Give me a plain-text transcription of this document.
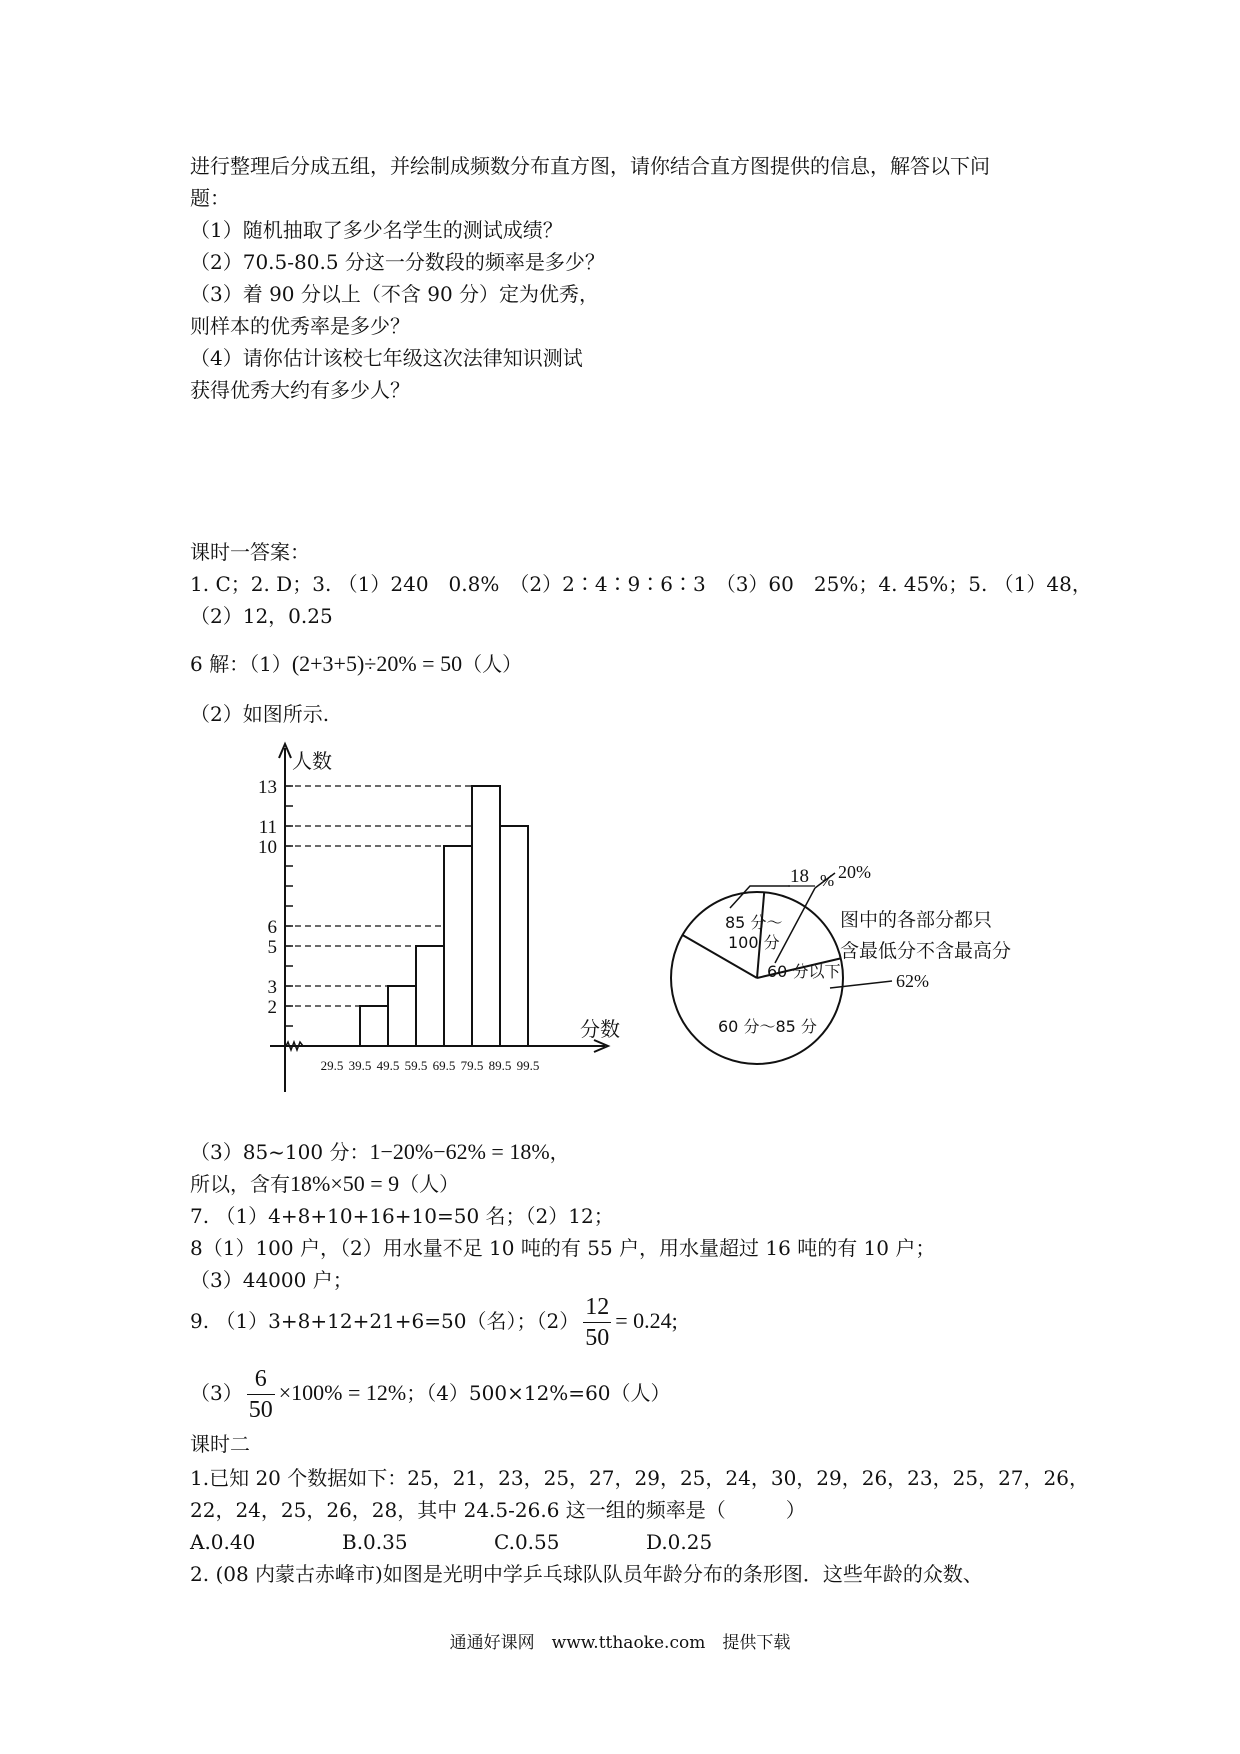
进行整理后分成五组，并绘制成频数分布直方图，请你结合直方图提供的信息，解答以下问
题：
（1）随机抽取了多少名学生的测试成绩？
（2）70.5-80.5 分这一分数段的频率是多少？
（3）着 90 分以上（不含 90 分）定为优秀，
则样本的优秀率是多少？
（4）请你估计该校七年级这次法律知识测试
获得优秀大约有多少人？
课时一答案：
1. C；2. D；3. （1）240　0.8%　（2）2∶4∶9∶6∶3　（3）60　25%；4. 45%；5. （1）48，
（2）12，0.25
6 解：（1）(2+3+5)÷20% = 50（人）
（2）如图所示.
人数
分数
2
3
5
6
10
11
13
29.5 39.5 49.5 59.5 69.5 79.5 89.5 99.5
85 分～
100 分
60 分以下
60 分～85 分
18 % 20%
62%
图中的各部分都只
含最低分不含最高分
（3）85~100 分：1−20%−62% = 18%，
所以，含有18%×50 = 9（人）
7. （1）4+8+10+16+10=50 名；（2）12；
8（1）100 户，（2）用水量不足 10 吨的有 55 户，用水量超过 16 吨的有 10 户；
（3）44000 户；
9. （1）3+8+12+21+6=50（名）；$(2) \frac{12}{50} = 0.24$;
$(3) \frac{6}{50} \times 100\% = 12\%$；（4）500×12%=60（人）
课时二
1.已知 20 个数据如下：25，21，23，25，27，29，25，24，30，29，26，23，25，27，26，
22，24，25，26，28，其中 24.5-26.6 这一组的频率是（　　　）
A.0.40	B.0.35	C.0.55	D.0.25
2. (08 内蒙古赤峰市)如图是光明中学乒乓球队队员年龄分布的条形图．这些年龄的众数、
通通好课网　www.tthaoke.com　提供下载
